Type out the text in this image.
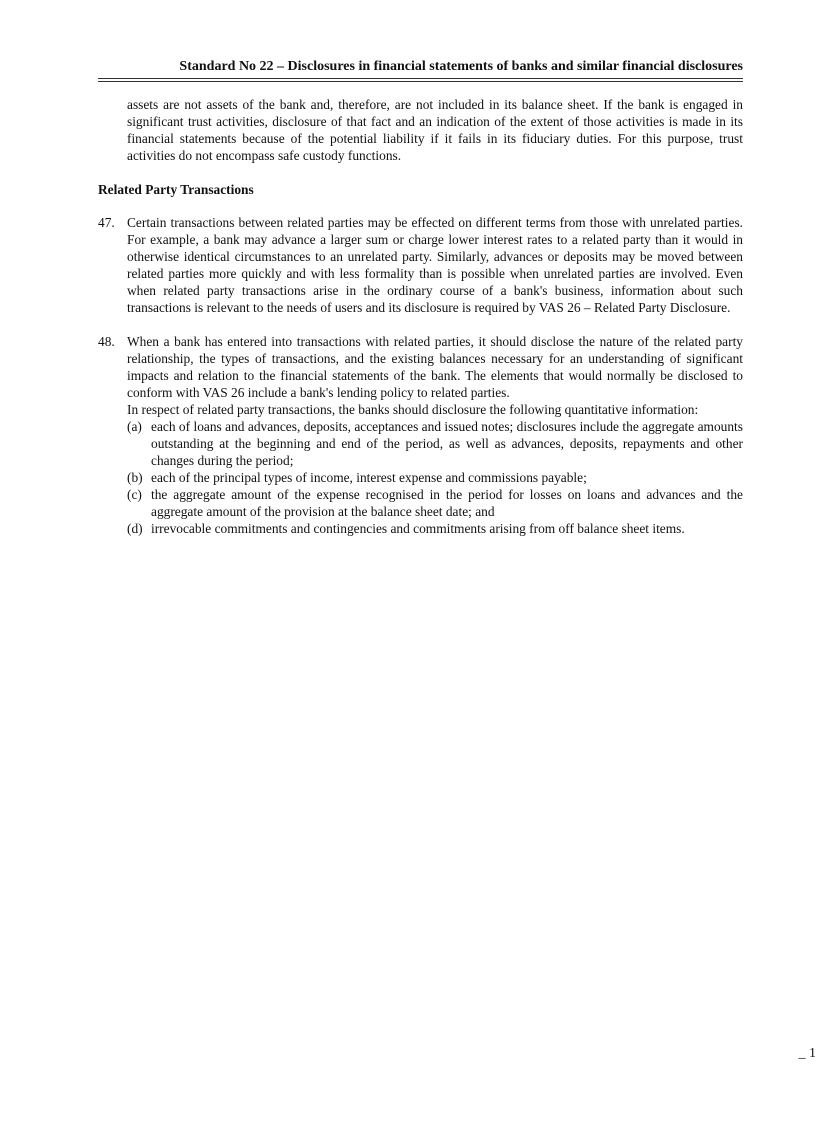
Standard No 22 – Disclosures in financial statements of banks and similar financial disclosures

assets are not assets of the bank and, therefore, are not included in its balance sheet. If the bank is engaged in significant trust activities, disclosure of that fact and an indication of the extent of those activities is made in its financial statements because of the potential liability if it fails in its fiduciary duties. For this purpose, trust activities do not encompass safe custody functions.

Related Party Transactions
47. Certain transactions between related parties may be effected on different terms from those with unrelated parties. For example, a bank may advance a larger sum or charge lower interest rates to a related party than it would in otherwise identical circumstances to an unrelated party. Similarly, advances or deposits may be moved between related parties more quickly and with less formality than is possible when unrelated parties are involved. Even when related party transactions arise in the ordinary course of a bank's business, information about such transactions is relevant to the needs of users and its disclosure is required by VAS 26 – Related Party Disclosure.
48. When a bank has entered into transactions with related parties, it should disclose the nature of the related party relationship, the types of transactions, and the existing balances necessary for an understanding of significant impacts and relation to the financial statements of the bank. The elements that would normally be disclosed to conform with VAS 26 include a bank's lending policy to related parties.
In respect of related party transactions, the banks should disclosure the following quantitative information:
(a) each of loans and advances, deposits, acceptances and issued notes; disclosures include the aggregate amounts outstanding at the beginning and end of the period, as well as advances, deposits, repayments and other changes during the period;
(b) each of the principal types of income, interest expense and commissions payable;
(c) the aggregate amount of the expense recognised in the period for losses on loans and advances and the aggregate amount of the provision at the balance sheet date; and
(d) irrevocable commitments and contingencies and commitments arising from off balance sheet items.
_ 1
